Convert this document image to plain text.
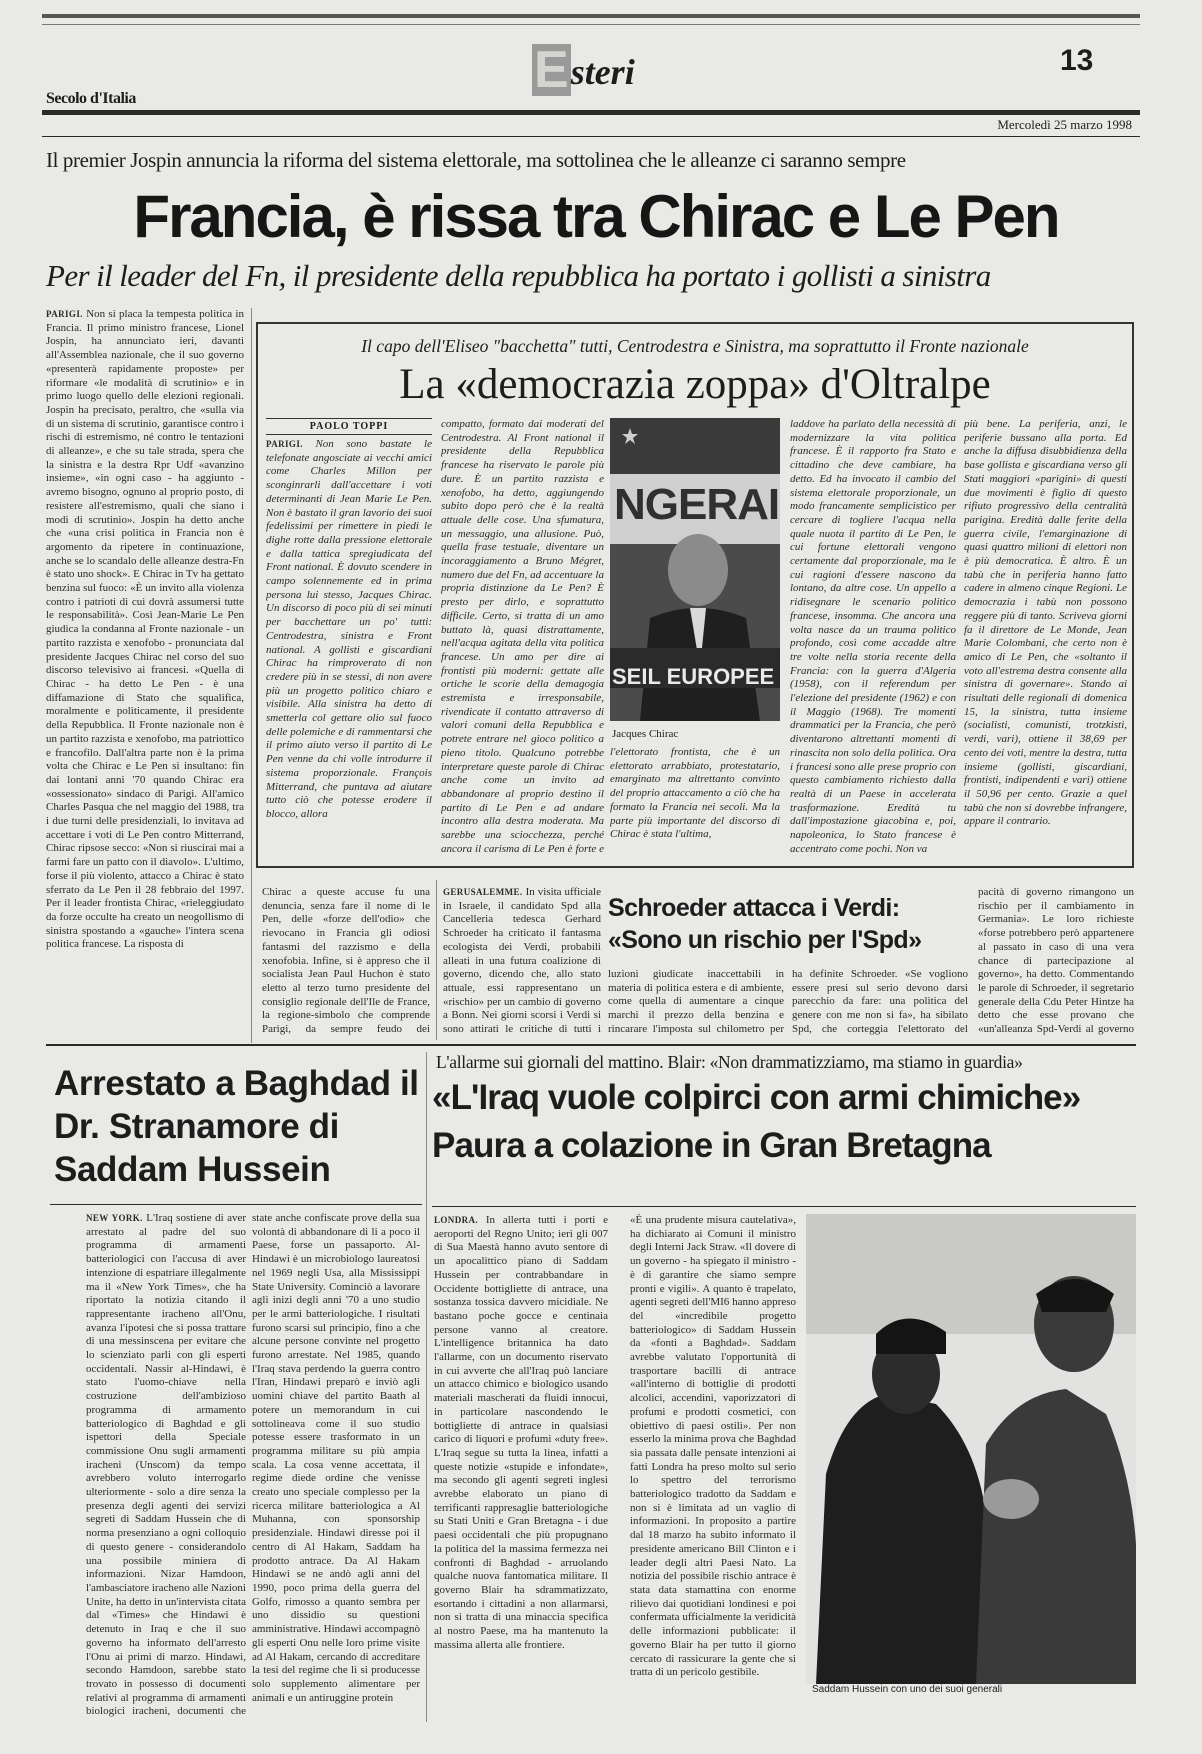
Secolo d'Italia	Esteri	13
Mercoledì 25 marzo 1998
Il premier Jospin annuncia la riforma del sistema elettorale, ma sottolinea che le alleanze ci saranno sempre
Francia, è rissa tra Chirac e Le Pen
Per il leader del Fn, il presidente della repubblica ha portato i gollisti a sinistra
PARIGI. Non si placa la tempesta politica in Francia. Il primo ministro francese, Lionel Jospin, ha annunciato ieri, davanti all'Assemblea nazionale, che il suo governo «presenterà rapidamente proposte» per riformare «le modalità di scrutinio» e in primo luogo quello delle elezioni regionali. Jospin ha precisato, peraltro, che «sulla via di un sistema di scrutinio, garantisce contro i rischi di estremismo, né contro le tentazioni di alleanze», e che su tale strada, spera che la sinistra e la destra Rpr Udf «avanzino insieme», «in ogni caso - ha aggiunto - avremo bisogno, ognuno al proprio posto, di resistere all'estremismo, quali che siano i modi di scrutinio». Jospin ha detto anche che «una crisi politica in Francia non è argomento da ripetere in continuazione, anche se lo scandalo delle alleanze destra-Fn è stato uno shock». E Chirac in Tv ha gettato benzina sul fuoco: «È un invito alla violenza contro i patrioti di cui dovrà assumersi tutte le responsabilità». Così Jean-Marie Le Pen giudica la condanna al Fronte nazionale - un partito razzista e xenofobo - pronunciata dal presidente Jacques Chirac nel corso del suo discorso televisivo ai francesi. «Quella di Chirac - ha detto Le Pen - è una diffamazione di Stato che squalifica, moralmente e politicamente, il presidente della Repubblica. Il Fronte nazionale non è un partito razzista e xenofobo, ma patriottico e francofilo. Dall'altra parte non è la prima volta che Chirac e Le Pen si insultano: fin dai lontani anni '70 quando Chirac era «ossessionato» sindaco di Parigi. All'amico Charles Pasqua che nel maggio del 1988, tra i due turni delle presidenziali, lo invitava ad accettare i voti di Le Pen contro Mitterrand, Chirac ripsose secco: «Non si riuscirai mai a farmi fare un patto con il diavolo». L'ultimo, forse il più violento, attacco a Chirac è stato sferrato da Le Pen il 28 febbraio del 1997. Per il leader frontista Chirac, «rieleggiudato da forze occulte ha creato un neogollismo di sinistra spostando a «gauche» l'intera scena politica francese. La risposta di
Il capo dell'Eliseo "bacchetta" tutti, Centrodestra e Sinistra, ma soprattutto il Fronte nazionale
La «democrazia zoppa» d'Oltralpe
PAOLO TOPPI
PARIGI. Non sono bastate le telefonate angosciate ai vecchi amici come Charles Millon per sconginrarli dall'accettare i voti determinanti di Jean Marie Le Pen. Non è bastato il gran lavorio dei suoi fedelissimi per rimettere in piedi le dighe rotte dalla pressione elettorale e dalla tattica spregiudicata del Front national. È dovuto scendere in campo solennemente ed in prima persona lui stesso, Jacques Chirac. Un discorso di poco più di sei minuti per bacchettare un po' tutti: Centrodestra, sinistra e Front national. A gollisti e giscardiani Chirac ha rimproverato di non credere più in se stessi, di non avere più un progetto politico chiaro e visibile. Alla sinistra ha detto di smetterla col gettare olio sul fuoco delle polemiche e di rammentarsi che il primo aiuto verso il partito di Le Pen venne da chi volle introdurre il sistema proporzionale. François Mitterrand, che puntava ad aiutare tutto ciò che potesse erodere il blocco, allora
compatto, formato dai moderati del Centrodestra. Al Front national il presidente della Repubblica francese ha riservato le parole più dure. È un partito razzista e xenofobo, ha detto, aggiungendo subito dopo però che è la realtà attuale delle cose. Una sfumatura, un messaggio, una allusione. Può, quella frase testuale, diventare un incoraggiamento a Bruno Mégret, numero due del Fn, ad accentuare la propria distinzione da Le Pen? È presto per dirlo, e soprattutto difficile. Certo, si tratta di un amo buttato là, quasi distrattamente, nell'acqua agitata della vita politica francese. Un amo per dire ai frontisti più moderni: gettate alle ortiche le scorie della demagogia estremista e irresponsabile, rivendicate il contatto attraverso di valori comuni della Repubblica e potrete entrare nel gioco politico a pieno titolo. Qualcuno potrebbe interpretare queste parole di Chirac anche come un invito ad abbandonare al proprio destino il partito di Le Pen e ad andare incontro alla destra moderata. Ma sarebbe una sciocchezza, perché ancora il carisma di Le Pen è forte e
NGERAI
SEIL EUROPEE
Jacques Chirac
l'elettorato frontista, che è un elettorato arrabbiato, protestatario, emarginato ma altrettanto convinto del proprio attaccamento a ciò che ha formato la Francia nei secoli. Ma la parte più importante del discorso di Chirac è stata l'ultima,
laddove ha parlato della necessità di modernizzare la vita politica francese. È il rapporto fra Stato e cittadino che deve cambiare, ha detto. Ed ha invocato il cambio del sistema elettorale proporzionale, un modo francamente semplicistico per cercare di togliere l'acqua nella quale nuota il partito di Le Pen, le cui fortune elettorali vengono certamente dal proporzionale, ma le cui ragioni d'essere nascono da lontano, da altre cose. Un appello a ridisegnare le scenario politico francese, insomma. Che ancora una volta nasce da un trauma politico profondo, così come accadde altre tre volte nella storia recente della Francia: con la guerra d'Algeria (1958), con il referendum per l'elezione del presidente (1962) e con il Maggio (1968). Tre momenti drammatici per la Francia, che però diventarono altrettanti momenti di rinascita non solo della politica. Ora i francesi sono alle prese proprio con questo cambiamento richiesto dalla realtà di un Paese in accelerata trasformazione. Eredità tu dall'impostazione giacobina e, poi, napoleonica, lo Stato francese è accentrato come pochi. Non va
più bene. La periferia, anzi, le periferie bussano alla porta. Ed anche la diffusa disubbidienza della base gollista e giscardiana verso gli Stati maggiori «parigini» di questi due movimenti è figlio di questo rifiuto progressivo della centralità parigina. Eredità dalle ferite della guerra civile, l'emarginazione di quasi quattro milioni di elettori non è più democratica. È altro. È un tabù che in periferia hanno fatto cadere in almeno cinque Regioni. Le democrazia i tabù non possono reggere più di tanto. Scriveva giorni fa il direttore de Le Monde, Jean Marie Colombani, che certo non è amico di Le Pen, che «soltanto il voto all'estrema destra consente alla sinistra di governare». Stando ai risultati delle regionali di domenica 15, la sinistra, tutta insieme (socialisti, comunisti, trotzkisti, verdi, vari), ottiene il 38,69 per cento dei voti, mentre la destra, tutta insieme (gollisti, giscardiani, frontisti, indipendenti e vari) ottiene il 50,96 per cento. Grazie a quel tabù che non si dovrebbe infrangere, appare il contrario.
Chirac a queste accuse fu una denuncia, senza fare il nome di le Pen, delle «forze dell'odio» che rievocano in Francia gli odiosi fantasmi del razzismo e della xenofobia. Infine, si è appreso che il socialista Jean Paul Huchon è stato eletto al terzo turno presidente del consiglio regionale dell'Ile de France, la regione-simbolo che comprende Parigi, da sempre feudo dei
GERUSALEMME. In visita ufficiale in Israele, il candidato Spd alla Cancelleria tedesca Gerhard Schroeder ha criticato il fantasma ecologista dei Verdi, probabili alleati in una futura coalizione di governo, dicendo che, allo stato attuale, essi rappresentano un «rischio» per un cambio di governo a Bonn. Nei giorni scorsi i Verdi si sono attirati le critiche di tutti i
Schroeder attacca i Verdi:
«Sono un rischio per l'Spd»
luzioni giudicate inaccettabili in materia di politica estera e di ambiente, come quella di aumentare a cinque marchi il prezzo della benzina e rincarare l'imposta sul chilometro per
ha definite Schroeder. «Se vogliono essere presi sul serio devono darsi parecchio da fare: una politica del genere con me non si fa», ha sibilato Spd, che corteggia l'elettorato del
pacità di governo rimangono un rischio per il cambiamento in Germania». Le loro richieste «forse potrebbero però appartenere al passato in caso di una vera chance di partecipazione al governo», ha detto. Commentando le parole di Schroeder, il segretario generale della Cdu Peter Hintze ha detto che esse provano che «un'alleanza Spd-Verdi al governo
Arrestato a Baghdad il Dr. Stranamore di Saddam Hussein
NEW YORK. L'Iraq sostiene di aver arrestato al padre del suo programma di armamenti batteriologici con l'accusa di aver intenzione di espatriare illegalmente ma il «New York Times», che ha riportato la notizia citando il rappresentante iracheno all'Onu, avanza l'ipotesi che si possa trattare di una messinscena per evitare che lo scienziato parli con gli esperti occidentali. Nassir al-Hindawi, è stato l'uomo-chiave nella costruzione dell'ambizioso programma di armamento batteriologico di Baghdad e gli ispettori della Speciale commissione Onu sugli armamenti iracheni (Unscom) da tempo avrebbero voluto interrogarlo ulteriormente - solo a dire senza la presenza degli agenti dei servizi segreti di Saddam Hussein che di norma presenziano a ogni colloquio di questo genere - considerandolo una possibile miniera di informazioni. Nizar Hamdoon, l'ambasciatore iracheno alle Nazioni Unite, ha detto in un'intervista citata dal «Times» che Hindawi è detenuto in Iraq e che il suo governo ha informato dell'arresto l'Onu ai primi di marzo. Hindawi, secondo Hamdoon, sarebbe stato trovato in possesso di documenti relativi al programma di armamenti biologici iracheni, documenti che
state anche confiscate prove della sua volontà di abbandonare di li a poco il Paese, forse un passaporto. Al-Hindawi è un microbiologo laureatosi nel 1969 negli Usa, alla Mississippi State University. Cominciò a lavorare agli inizi degli anni '70 a uno studio per le armi batteriologiche. I risultati furono scarsi sul principio, fino a che alcune persone convinte nel progetto furono arrestate. Nel 1985, quando l'Iraq stava perdendo la guerra contro l'Iran, Hindawi preparò e inviò agli uomini chiave del partito Baath al potere un memorandum in cui sottolineava come il suo studio potesse essere trasformato in un programma militare su più ampia scala. La cosa venne accettata, il regime diede ordine che venisse creato uno speciale complesso per la ricerca militare batteriologica a Al Muhanna, con sponsorship presidenziale. Hindawi diresse poi il centro di Al Hakam, Saddam ha prodotto antrace. Da Al Hakam Hindawi se ne andò agli anni del 1990, poco prima della guerra del Golfo, rimosso a quanto sembra per uno dissidio su questioni amministrative. Hindawi accompagnò gli esperti Onu nelle loro prime visite ad Al Hakam, cercando di accreditare la tesi del regime che lì si producesse solo supplemento alimentare per animali e un antiruggine protein
L'allarme sui giornali del mattino. Blair: «Non drammatizziamo, ma stiamo in guardia»
«L'Iraq vuole colpirci con armi chimiche»
Paura a colazione in Gran Bretagna
LONDRA. In allerta tutti i porti e aeroporti del Regno Unito; ieri gli 007 di Sua Maestà hanno avuto sentore di un apocalittico piano di Saddam Hussein per contrabbandare in Occidente bottigliette di antrace, una sostanza tossica davvero micidiale. Ne bastano poche gocce e centinaia persone vanno al creatore. L'intelligence britannica ha dato l'allarme, con un documento riservato in cui avverte che all'Iraq può lanciare un attacco chimico e biologico usando materiali mascherati da fluidi innocui, in particolare nascondendo le bottigliette di antrace in qualsiasi carico di liquori e profumi «duty free». L'Iraq segue su tutta la linea, infatti a queste notizie «stupide e infondate», ma secondo gli agenti segreti inglesi avrebbe elaborato un piano di terrificanti rappresaglie batteriologiche su Stati Uniti e Gran Bretagna - i due paesi occidentali che più propugnano la politica del la massima fermezza nei confronti di Baghdad - arruolando qualche nuova fantomatica militare. Il governo Blair ha sdrammatizzato, esortando i cittadini a non allarmarsi, non si tratta di una minaccia specifica al nostro Paese, ma ha mantenuto la massima allerta alle frontiere.
«È una prudente misura cautelativa», ha dichiarato ai Comuni il ministro degli Interni Jack Straw. «Il dovere di un governo - ha spiegato il ministro - è di garantire che siamo sempre pronti e vigili». A quanto è trapelato, agenti segreti dell'MI6 hanno appreso del «incredibile progetto batteriologico» di Saddam Hussein da «fonti a Baghdad». Saddam avrebbe valutato l'opportunità di trasportare bacilli di antrace «all'interno di bottiglie di prodotti alcolici, accendini, vaporizzatori di profumi e prodotti cosmetici, con obiettivo di paesi ostili». Per non esserlo la minima prova che Baghdad sia passata dalle pensate intenzioni ai fatti Londra ha preso molto sul serio lo spettro del terrorismo batteriologico tradotto da Saddam e non si è limitata ad un vaglio di informazioni. In proposito a partire dal 18 marzo ha subito informato il presidente americano Bill Clinton e i leader degli altri Paesi Nato. La notizia del possibile rischio antrace è stata data stamattina con enorme rilievo dai quotidiani londinesi e poi confermata ufficialmente la veridicità delle informazioni pubblicate: il governo Blair ha per tutto il giorno cercato di rassicurare la gente che si tratta di un pericolo gestibile.
Saddam Hussein con uno dei suoi generali
